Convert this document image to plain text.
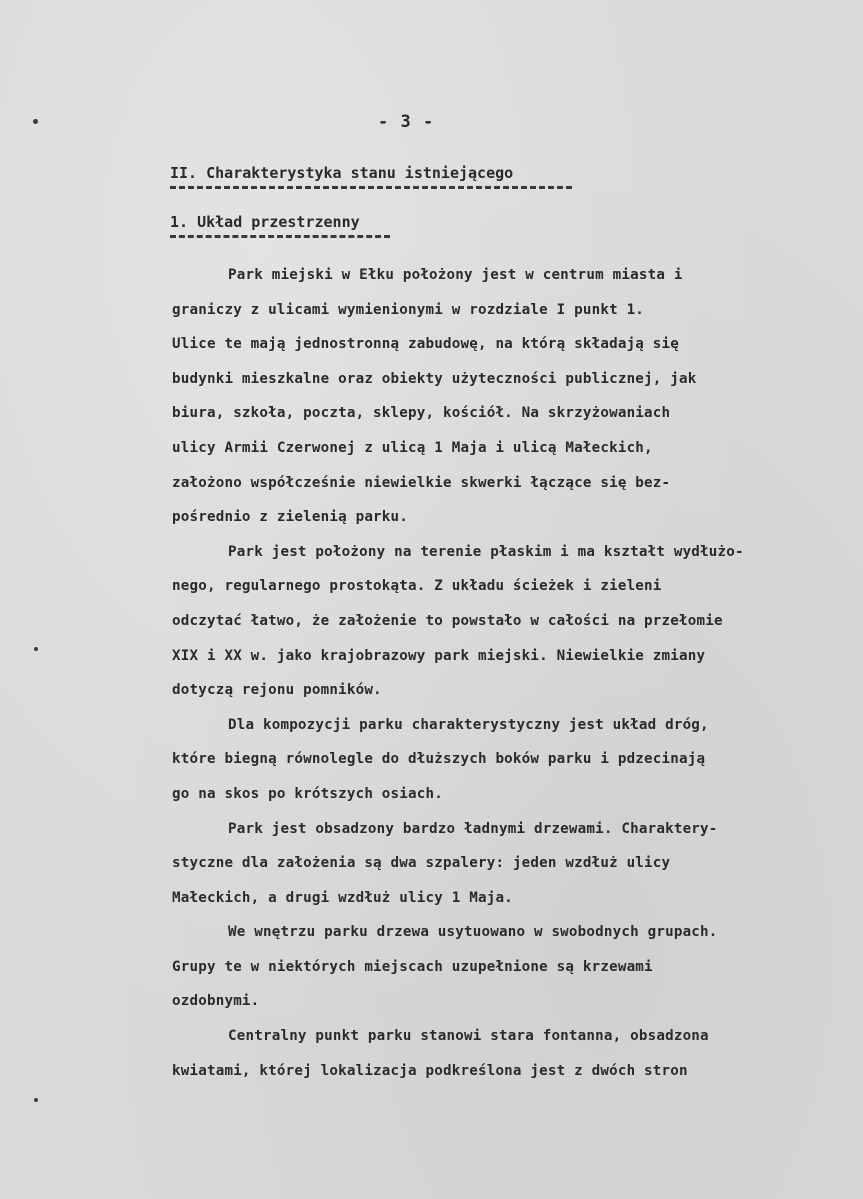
- 3 -
II. Charakterystyka stanu istniejącego
1. Układ przestrzenny
Park miejski w Ełku położony jest w centrum miasta i
graniczy z ulicami wymienionymi w rozdziale I punkt 1.
Ulice te mają jednostronną zabudowę, na którą składają się
budynki mieszkalne oraz obiekty użyteczności publicznej, jak
biura, szkoła, poczta, sklepy, kościół. Na skrzyżowaniach
ulicy Armii Czerwonej z ulicą 1 Maja i ulicą Małeckich,
założono współcześnie niewielkie skwerki łączące się bez-
pośrednio z zielenią parku.
Park jest położony na terenie płaskim i ma kształt wydłużo-
nego, regularnego prostokąta. Z układu ścieżek i zieleni
odczytać łatwo, że założenie to powstało w całości na przełomie
XIX i XX w. jako krajobrazowy park miejski. Niewielkie zmiany
dotyczą rejonu pomników.
Dla kompozycji parku charakterystyczny jest układ dróg,
które biegną równolegle do dłuższych boków parku i pdzecinają
go na skos po krótszych osiach.
Park jest obsadzony bardzo ładnymi drzewami. Charaktery-
styczne dla założenia są dwa szpalery: jeden wzdłuż ulicy
Małeckich, a drugi wzdłuż ulicy 1 Maja.
We wnętrzu parku drzewa usytuowano w swobodnych grupach.
Grupy te w niektórych miejscach uzupełnione są krzewami
ozdobnymi.
Centralny punkt parku stanowi stara fontanna, obsadzona
kwiatami, której lokalizacja podkreślona jest z dwóch stron
